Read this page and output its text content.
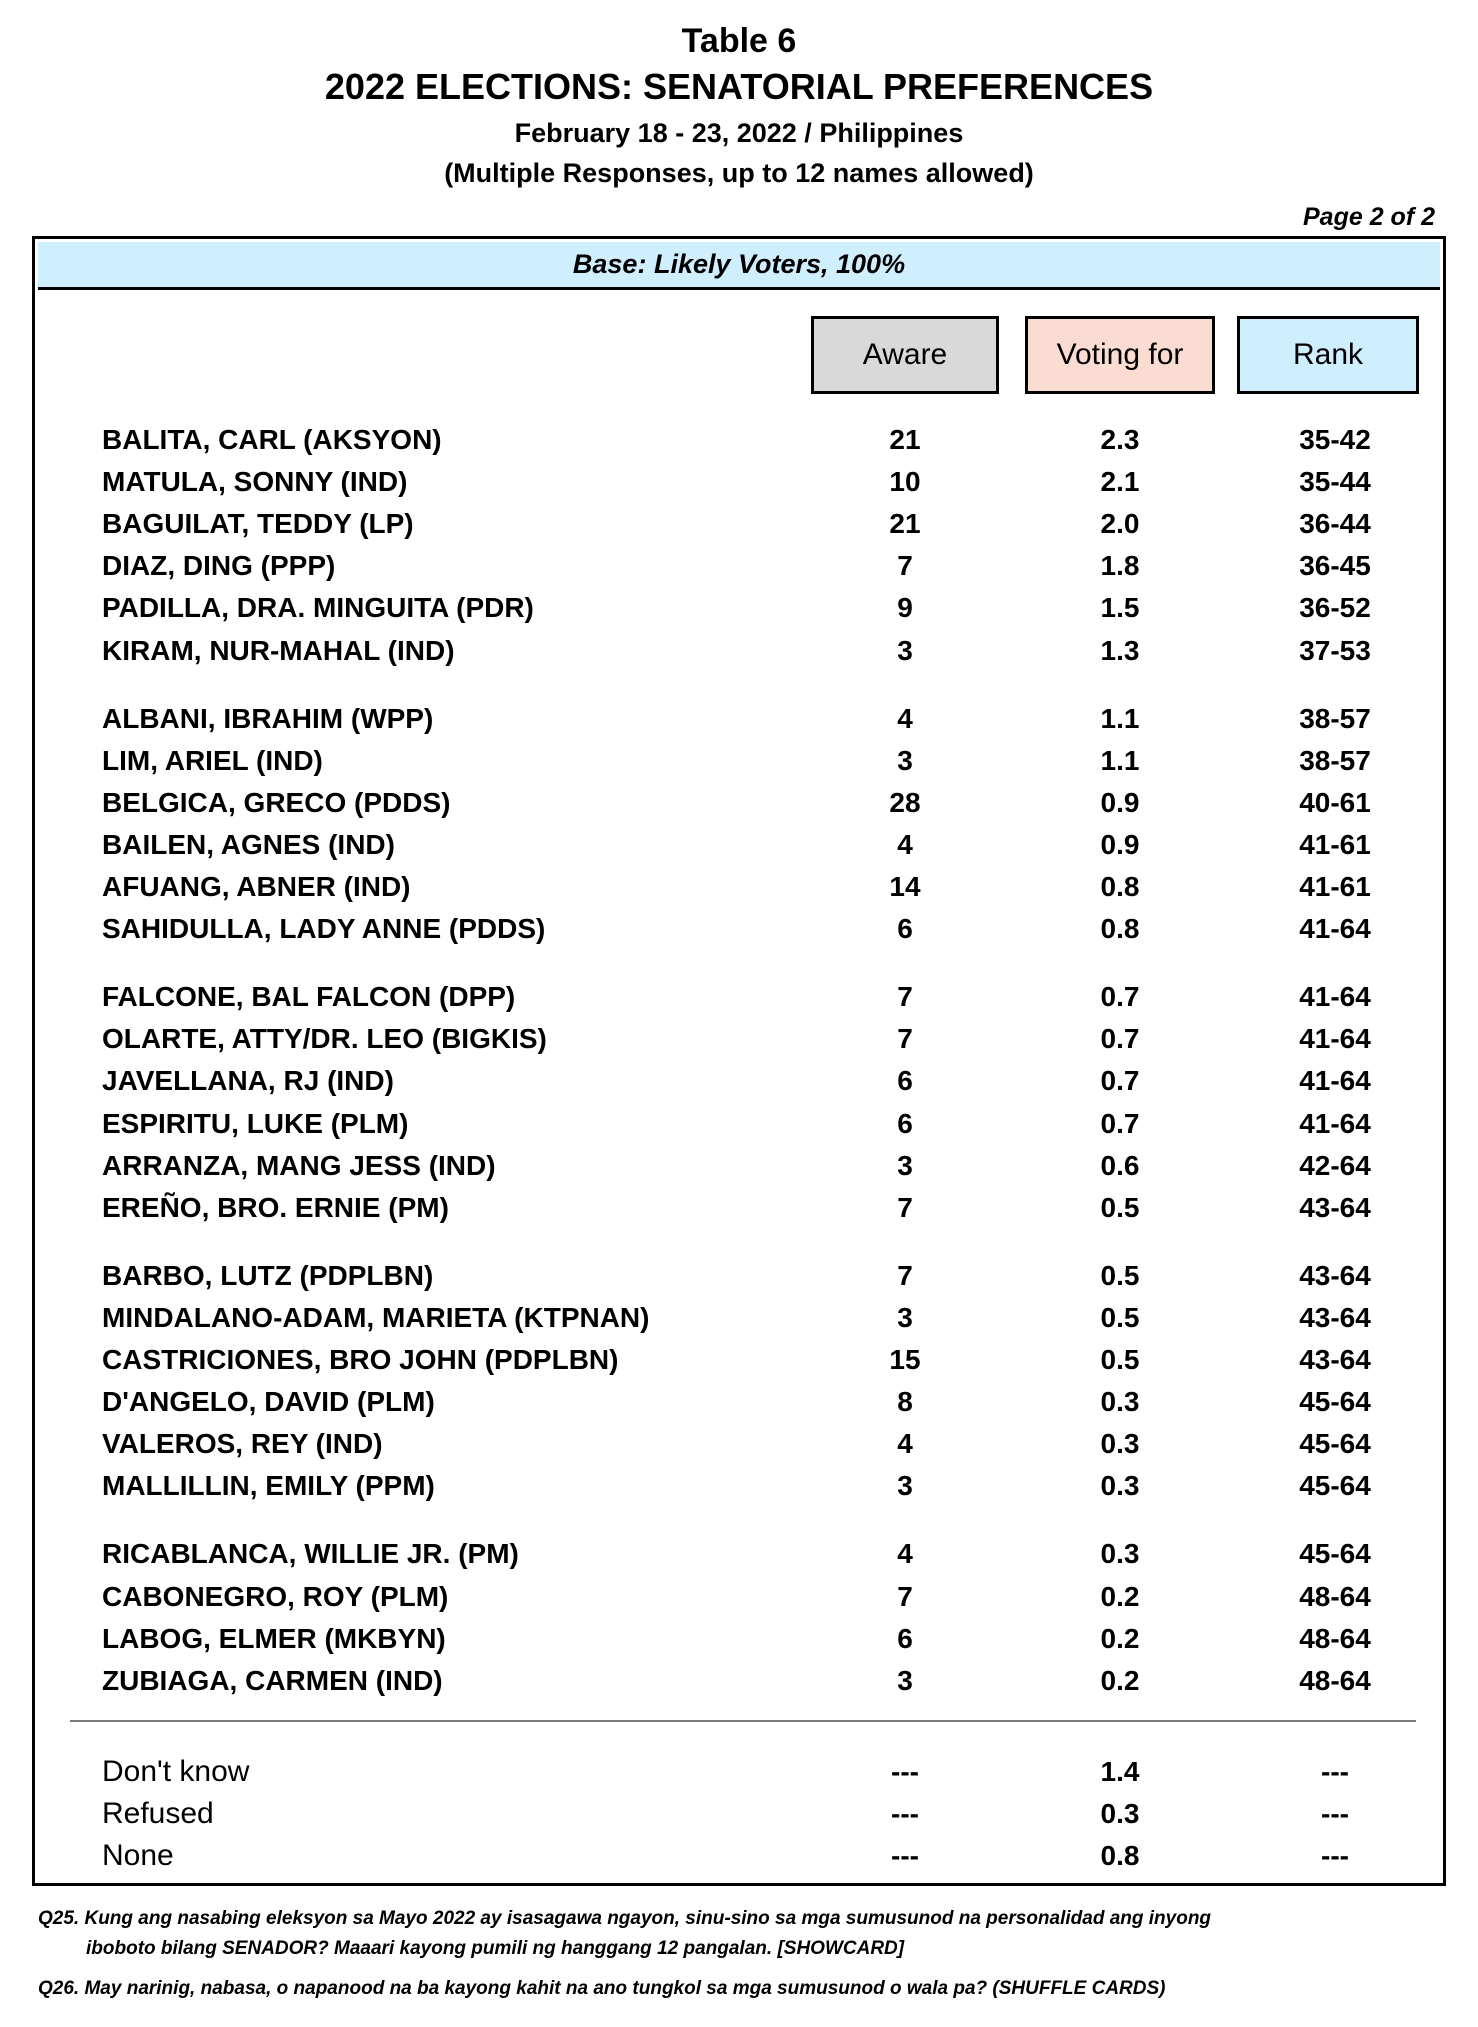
Table 6
2022 ELECTIONS: SENATORIAL PREFERENCES
February 18 - 23, 2022 / Philippines
(Multiple Responses, up to 12 names allowed)
Page 2 of 2
Base: Likely Voters, 100%
Aware	Voting for	Rank
BALITA, CARL (AKSYON)	21	2.3	35-42
MATULA, SONNY (IND)	10	2.1	35-44
BAGUILAT, TEDDY (LP)	21	2.0	36-44
DIAZ, DING (PPP)	7	1.8	36-45
PADILLA, DRA. MINGUITA (PDR)	9	1.5	36-52
KIRAM, NUR-MAHAL (IND)	3	1.3	37-53
ALBANI, IBRAHIM (WPP)	4	1.1	38-57
LIM, ARIEL (IND)	3	1.1	38-57
BELGICA, GRECO (PDDS)	28	0.9	40-61
BAILEN, AGNES (IND)	4	0.9	41-61
AFUANG, ABNER (IND)	14	0.8	41-61
SAHIDULLA, LADY ANNE (PDDS)	6	0.8	41-64
FALCONE, BAL FALCON (DPP)	7	0.7	41-64
OLARTE, ATTY/DR. LEO (BIGKIS)	7	0.7	41-64
JAVELLANA, RJ (IND)	6	0.7	41-64
ESPIRITU, LUKE (PLM)	6	0.7	41-64
ARRANZA, MANG JESS (IND)	3	0.6	42-64
EREÑO, BRO. ERNIE (PM)	7	0.5	43-64
BARBO, LUTZ (PDPLBN)	7	0.5	43-64
MINDALANO-ADAM, MARIETA (KTPNAN)	3	0.5	43-64
CASTRICIONES, BRO JOHN (PDPLBN)	15	0.5	43-64
D'ANGELO, DAVID (PLM)	8	0.3	45-64
VALEROS, REY (IND)	4	0.3	45-64
MALLILLIN, EMILY (PPM)	3	0.3	45-64
RICABLANCA, WILLIE JR. (PM)	4	0.3	45-64
CABONEGRO, ROY (PLM)	7	0.2	48-64
LABOG, ELMER (MKBYN)	6	0.2	48-64
ZUBIAGA, CARMEN (IND)	3	0.2	48-64
Don't know	---	1.4	---
Refused	---	0.3	---
None	---	0.8	---
Q25. Kung ang nasabing eleksyon sa Mayo 2022 ay isasagawa ngayon, sinu-sino sa mga sumusunod na personalidad ang inyong
iboboto bilang SENADOR? Maaari kayong pumili ng hanggang 12 pangalan. [SHOWCARD]
Q26. May narinig, nabasa, o napanood na ba kayong kahit na ano tungkol sa mga sumusunod o wala pa? (SHUFFLE CARDS)
